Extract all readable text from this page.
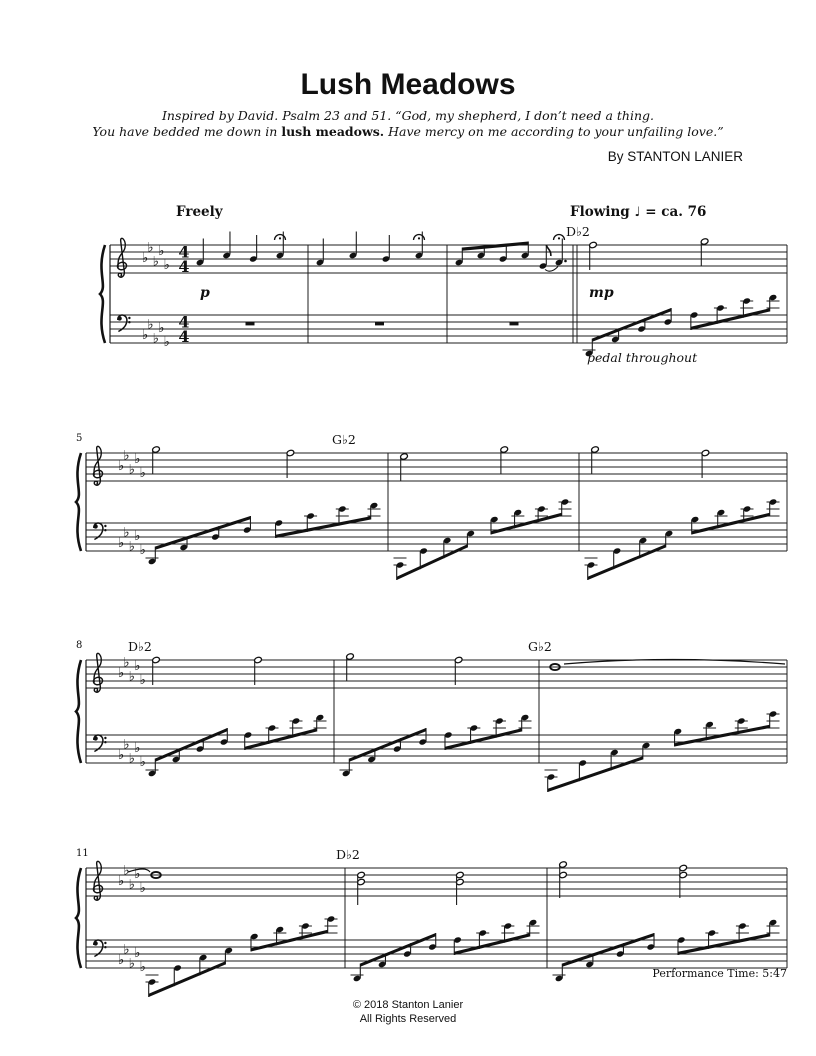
Lush Meadows
Inspired by David. Psalm 23 and 51. “God, my shepherd, I don’t need a thing.
You have bedded me down in lush meadows. Have mercy on me according to your unfailing love.”
By STANTON LANIER
Freely	Flowing ♩ = ca. 76
♭
♭
♭
♭
♭
♭
♭
♭
♭
♭
4
4
4
4
D♭2
p	mp
pedal throughout
♭
♭
♭
♭
♭
♭
♭
♭
♭
♭
5	G♭2
♭
♭
♭
♭
♭
♭
♭
♭
♭
♭
8	D♭2	G♭2
♭
♭
♭
♭
♭
♭
♭
♭
♭
♭
11	D♭2
Performance Time: 5:47
© 2018 Stanton Lanier
All Rights Reserved
